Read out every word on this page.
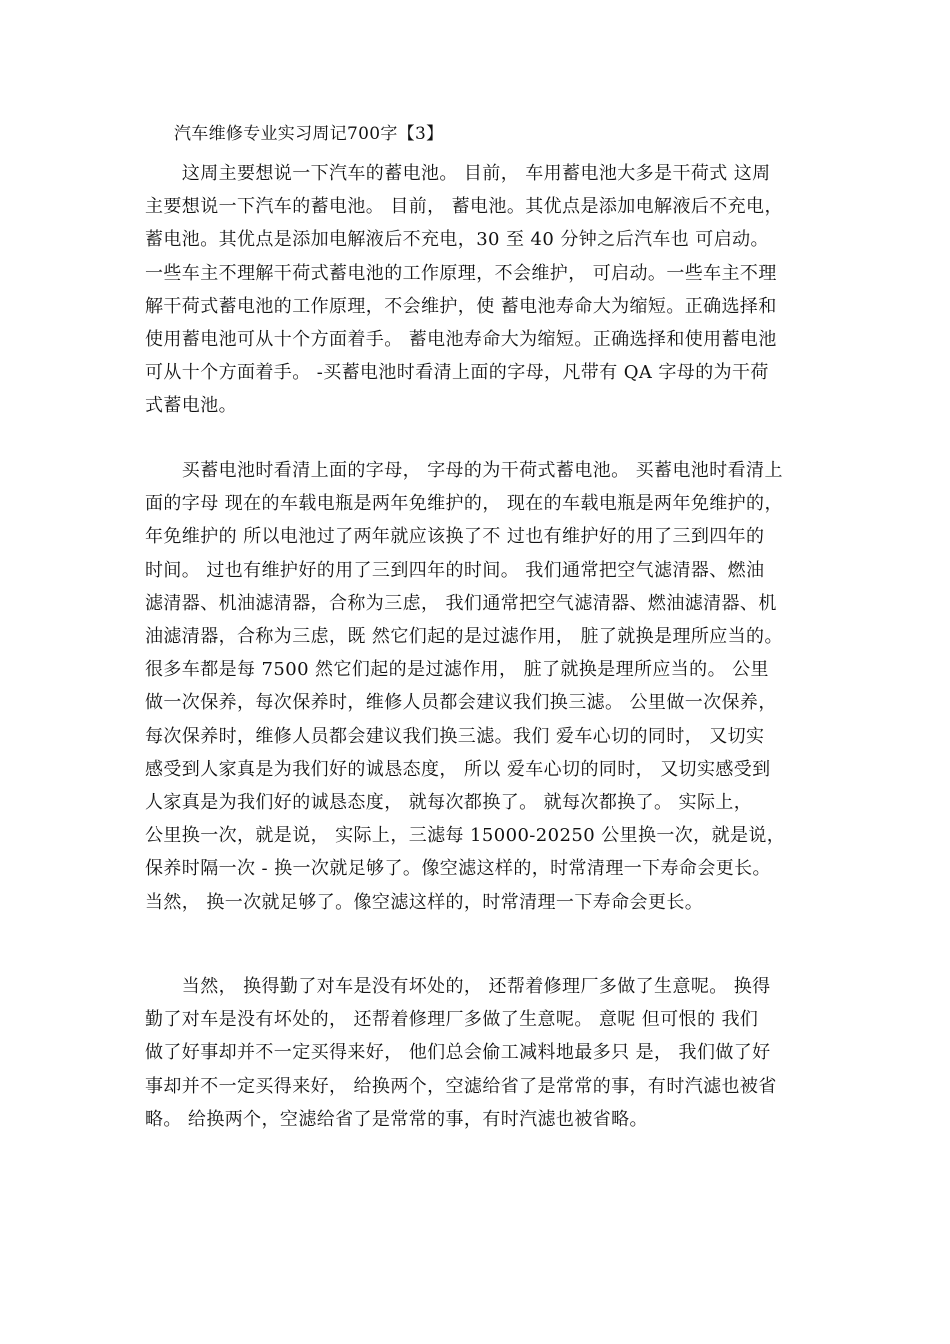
汽车维修专业实习周记700字【3】
　　这周主要想说一下汽车的蓄电池。 目前， 车用蓄电池大多是干荷式 这周
主要想说一下汽车的蓄电池。 目前， 蓄电池。其优点是添加电解液后不充电，
蓄电池。其优点是添加电解液后不充电，30 至 40 分钟之后汽车也 可启动。
一些车主不理解干荷式蓄电池的工作原理，不会维护， 可启动。一些车主不理
解干荷式蓄电池的工作原理，不会维护，使 蓄电池寿命大为缩短。正确选择和
使用蓄电池可从十个方面着手。 蓄电池寿命大为缩短。正确选择和使用蓄电池
可从十个方面着手。 -买蓄电池时看清上面的字母，凡带有 QA 字母的为干荷
式蓄电池。
　　买蓄电池时看清上面的字母， 字母的为干荷式蓄电池。 买蓄电池时看清上
面的字母 现在的车载电瓶是两年免维护的， 现在的车载电瓶是两年免维护的，
年免维护的 所以电池过了两年就应该换了不 过也有维护好的用了三到四年的
时间。 过也有维护好的用了三到四年的时间。 我们通常把空气滤清器、燃油
滤清器、机油滤清器，合称为三虑， 我们通常把空气滤清器、燃油滤清器、机
油滤清器，合称为三虑，既 然它们起的是过滤作用， 脏了就换是理所应当的。
很多车都是每 7500 然它们起的是过滤作用， 脏了就换是理所应当的。 公里
做一次保养，每次保养时，维修人员都会建议我们换三滤。 公里做一次保养，
每次保养时，维修人员都会建议我们换三滤。我们 爱车心切的同时， 又切实
感受到人家真是为我们好的诚恳态度， 所以 爱车心切的同时， 又切实感受到
人家真是为我们好的诚恳态度， 就每次都换了。 就每次都换了。 实际上，
公里换一次，就是说， 实际上，三滤每 15000-20250 公里换一次，就是说，
保养时隔一次 - 换一次就足够了。像空滤这样的，时常清理一下寿命会更长。
当然， 换一次就足够了。像空滤这样的，时常清理一下寿命会更长。
　　当然， 换得勤了对车是没有坏处的， 还帮着修理厂多做了生意呢。 换得
勤了对车是没有坏处的， 还帮着修理厂多做了生意呢。 意呢 但可恨的 我们
做了好事却并不一定买得来好， 他们总会偷工减料地最多只 是， 我们做了好
事却并不一定买得来好， 给换两个，空滤给省了是常常的事，有时汽滤也被省
略。 给换两个，空滤给省了是常常的事，有时汽滤也被省略。
